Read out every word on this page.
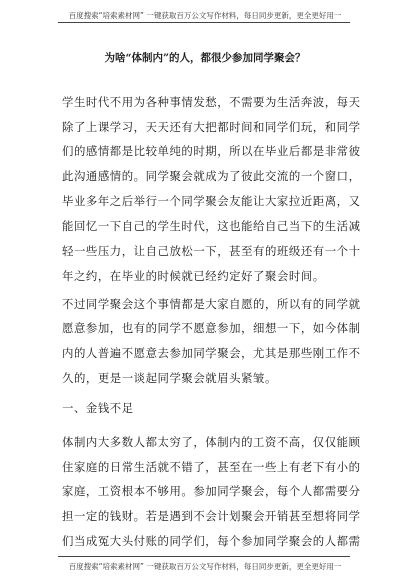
百度搜索“培索素材网” 一键获取百万公文写作材料，每日同步更新，更全更好用一
为啥“体制内”的人，都很少参加同学聚会？
学生时代不用为各种事情发愁，不需要为生活奔波，每天
除了上课学习，天天还有大把都时间和同学们玩，和同学
们的感情都是比较单纯的时期，所以在毕业后都是非常彼
此沟通感情的。同学聚会就成为了彼此交流的一个窗口，
毕业多年之后举行一个同学聚会友能让大家拉近距离，又
能回忆一下自己的学生时代，这也能给自己当下的生活减
轻一些压力，让自己放松一下，甚至有的班级还有一个十
年之约，在毕业的时候就已经约定好了聚会时间。
不过同学聚会这个事情都是大家自愿的，所以有的同学就
愿意参加，也有的同学不愿意参加，细想一下，如今体制
内的人普遍不愿意去参加同学聚会，尤其是那些刚工作不
久的，更是一谈起同学聚会就眉头紧皱。
一、金钱不足
体制内大多数人都太穷了，体制内的工资不高，仅仅能顾
住家庭的日常生活就不错了，甚至在一些上有老下有小的
家庭，工资根本不够用。参加同学聚会，每个人都需要分
担一定的钱财。若是遇到不会计划聚会开销甚至想将同学
们当成冤大头付账的同学们，每个参加同学聚会的人都需
百度搜索“培索素材网” 一键获取百万公文写作材料，每日同步更新，更全更好用一
